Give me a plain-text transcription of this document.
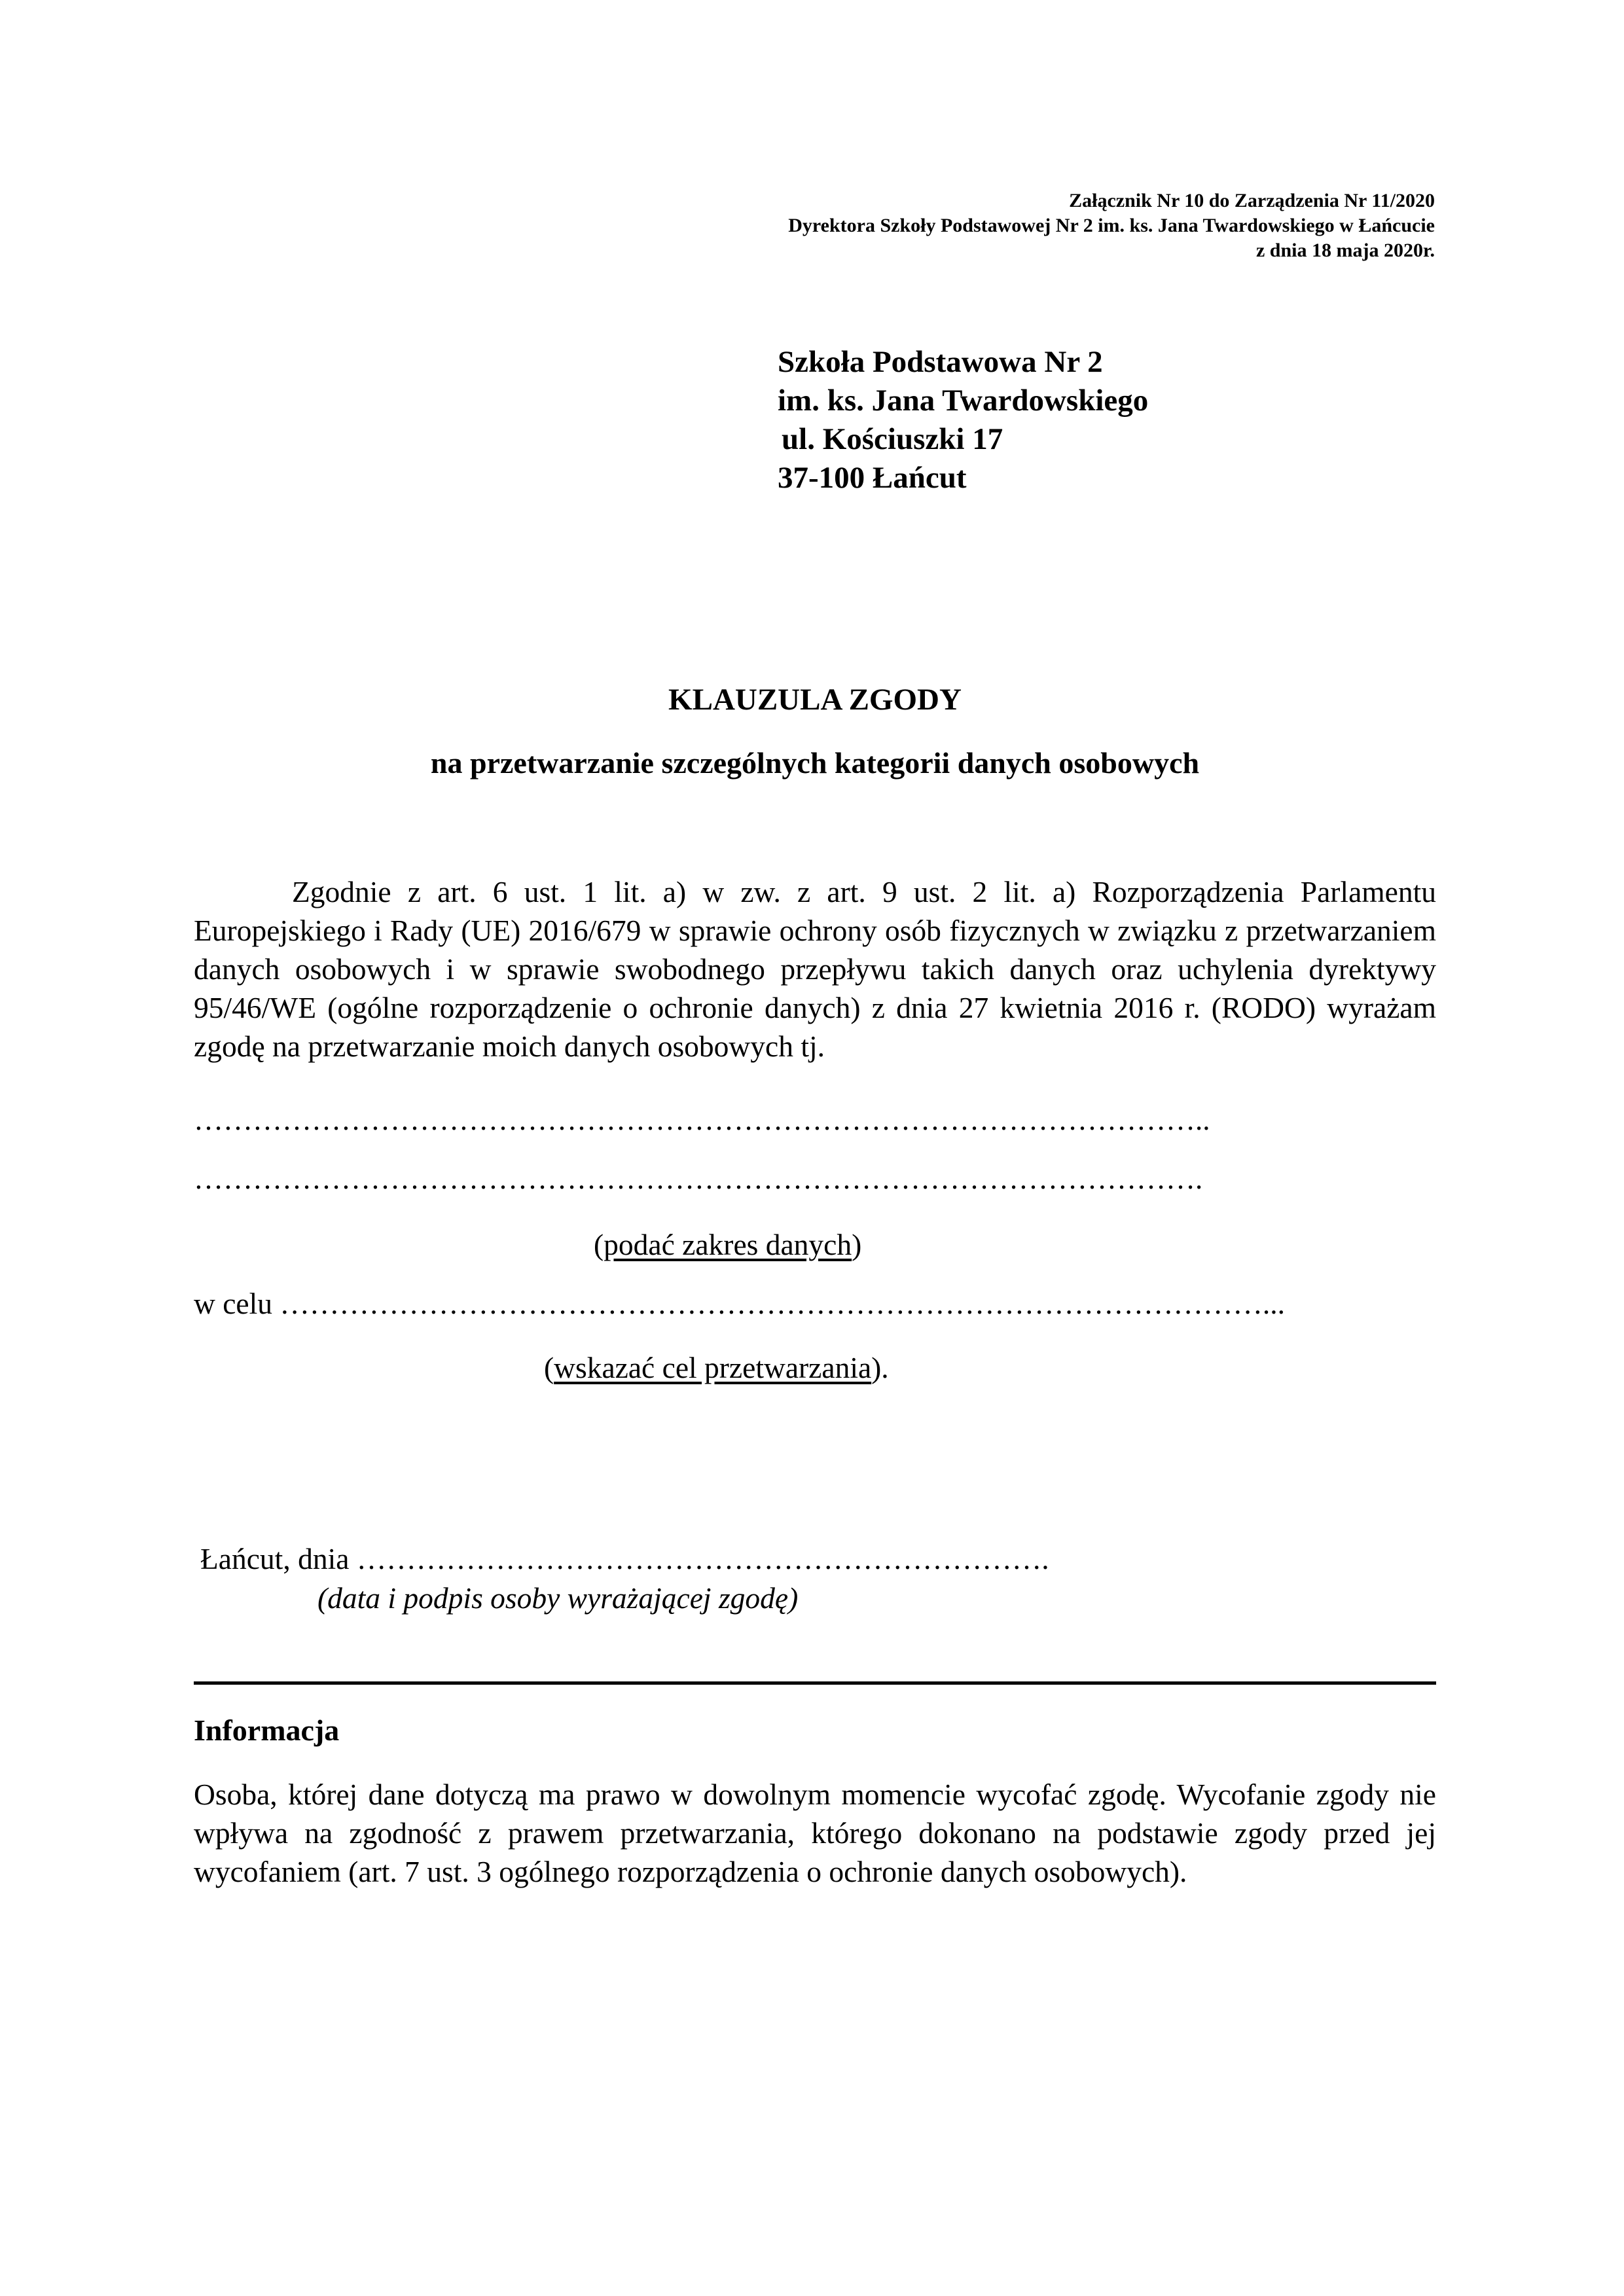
Załącznik Nr 10 do Zarządzenia Nr 11/2020
Dyrektora Szkoły Podstawowej Nr 2 im. ks. Jana Twardowskiego w Łańcucie
z dnia 18 maja 2020r.
Szkoła Podstawowa Nr 2
im. ks. Jana Twardowskiego
ul. Kościuszki 17
37-100 Łańcut
KLAUZULA ZGODY
na przetwarzanie szczególnych kategorii danych osobowych

Zgodnie z art. 6 ust. 1 lit. a) w zw. z art. 9 ust. 2 lit. a) Rozporządzenia Parlamentu Europejskiego i Rady (UE) 2016/679 w sprawie ochrony osób fizycznych w związku z przetwarzaniem danych osobowych i w sprawie swobodnego przepływu takich danych oraz uchylenia dyrektywy 95/46/WE (ogólne rozporządzenie o ochronie danych) z dnia 27 kwietnia 2016 r. (RODO) wyrażam zgodę na przetwarzanie moich danych osobowych tj.

…………………………………………………………………………………………..
………………………………………………………………………………………….
(podać zakres danych)
w celu ………………………………………………………………………………………...
(wskazać cel przetwarzania).
Łańcut, dnia …………………………………………………………….
(data i podpis osoby wyrażającej zgodę)
Informacja

Osoba, której dane dotyczą ma prawo w dowolnym momencie wycofać zgodę. Wycofanie zgody nie wpływa na zgodność z prawem przetwarzania, którego dokonano na podstawie zgody przed jej wycofaniem (art. 7 ust. 3 ogólnego rozporządzenia o ochronie danych osobowych).
